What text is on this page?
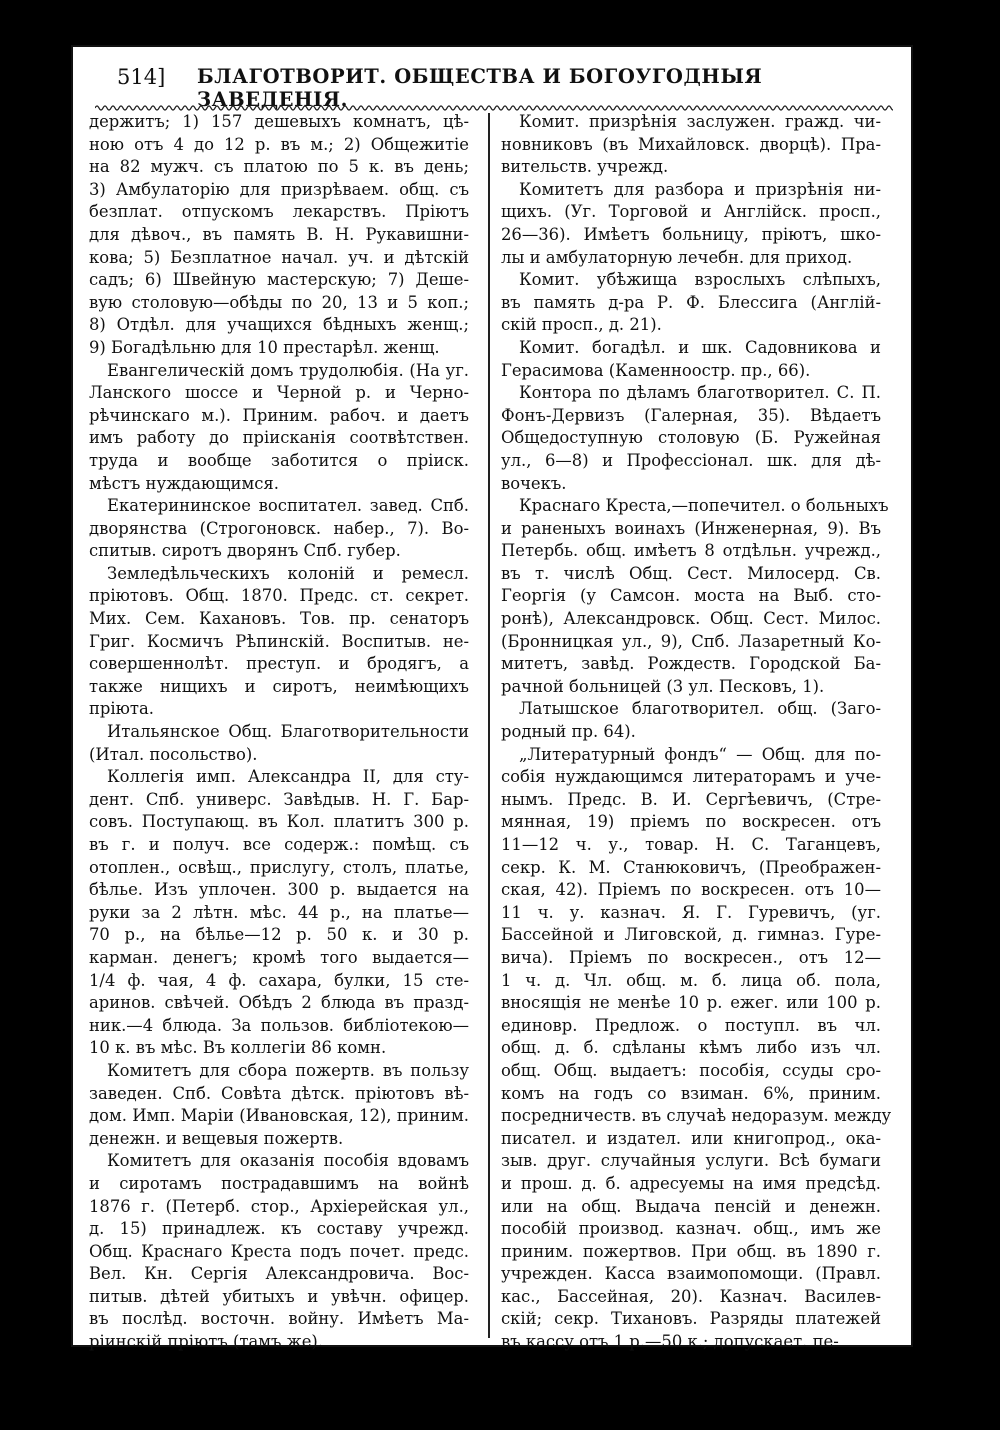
514] БЛАГОТВОРИТ. ОБЩЕСТВА И БОГОУГОДНЫЯ ЗАВЕДЕНІЯ.
держитъ; 1) 157 дешевыхъ комнатъ, цѣ-
ною отъ 4 до 12 р. въ м.; 2) Общежитіе
на 82 мужч. съ платою по 5 к. въ день;
3) Амбулаторію для призрѣваем. общ. съ
безплат. отпускомъ лекарствъ. Пріютъ
для дѣвоч., въ память В. Н. Рукавишни-
кова; 5) Безплатное начал. уч. и дѣтскій
садъ; 6) Швейную мастерскую; 7) Деше-
вую столовую—обѣды по 20, 13 и 5 коп.;
8) Отдѣл. для учащихся бѣдныхъ женщ.;
9) Богадѣльню для 10 престарѣл. женщ.
Евангелическій домъ трудолюбія. (На уг.
Ланского шоссе и Черной р. и Черно-
рѣчинскаго м.). Приним. рабоч. и даетъ
имъ работу до пріисканія соотвѣтствен.
труда и вообще заботится о пріиск.
мѣстъ нуждающимся.
Екатерининское воспитател. завед. Спб.
дворянства (Строгоновск. набер., 7). Во-
спитыв. сиротъ дворянъ Спб. губер.
Земледѣльческихъ колоній и ремесл.
пріютовъ. Общ. 1870. Предс. ст. секрет.
Мих. Сем. Кахановъ. Тов. пр. сенаторъ
Григ. Космичъ Рѣпинскій. Воспитыв. не-
совершеннолѣт. преступ. и бродягъ, а
также нищихъ и сиротъ, неимѣющихъ
пріюта.
Итальянское Общ. Благотворительности
(Итал. посольство).
Коллегія имп. Александра II, для сту-
дент. Спб. универс. Завѣдыв. Н. Г. Бар-
совъ. Поступающ. въ Кол. платитъ 300 р.
въ г. и получ. все содерж.: помѣщ. съ
отоплен., освѣщ., прислугу, столъ, платье,
бѣлье. Изъ уплочен. 300 р. выдается на
руки за 2 лѣтн. мѣс. 44 р., на платье—
70 р., на бѣлье—12 р. 50 к. и 30 р.
карман. денегъ; кромѣ того выдается—
1/4 ф. чая, 4 ф. сахара, булки, 15 сте-
аринов. свѣчей. Обѣдъ 2 блюда въ празд-
ник.—4 блюда. За пользов. библіотекою—
10 к. въ мѣс. Въ коллегіи 86 комн.
Комитетъ для сбора пожертв. въ пользу
заведен. Спб. Совѣта дѣтск. пріютовъ вѣ-
дом. Имп. Маріи (Ивановская, 12), приним.
денежн. и вещевыя пожертв.
Комитетъ для оказанія пособія вдовамъ
и сиротамъ пострадавшимъ на войнѣ
1876 г. (Петерб. стор., Архіерейская ул.,
д. 15) принадлеж. къ составу учрежд.
Общ. Краснаго Креста подъ почет. предс.
Вел. Кн. Сергія Александровича. Вос-
питыв. дѣтей убитыхъ и увѣчн. офицер.
въ послѣд. восточн. войну. Имѣетъ Ма-
ріинскій пріютъ (тамъ же).
Комит. призрѣнія заслужен. гражд. чи-
новниковъ (въ Михайловск. дворцѣ). Пра-
вительств. учрежд.
Комитетъ для разбора и призрѣнія ни-
щихъ. (Уг. Торговой и Англійск. просп.,
26—36). Имѣетъ больницу, пріютъ, шко-
лы и амбулаторную лечебн. для приход.
Комит. убѣжища взрослыхъ слѣпыхъ,
въ память д-ра Р. Ф. Блессига (Англій-
скій просп., д. 21).
Комит. богадѣл. и шк. Садовникова и
Герасимова (Каменноостр. пр., 66).
Контора по дѣламъ благотворител. С. П.
Фонъ-Дервизъ (Галерная, 35). Вѣдаетъ
Общедоступную столовую (Б. Ружейная
ул., 6—8) и Профессіонал. шк. для дѣ-
вочекъ.
Краснаго Креста,—попечител. о больныхъ
и раненыхъ воинахъ (Инженерная, 9). Въ
Петербь. общ. имѣетъ 8 отдѣльн. учрежд.,
въ т. числѣ Общ. Сест. Милосерд. Св.
Георгія (у Самсон. моста на Выб. сто-
ронѣ), Александровск. Общ. Сест. Милос.
(Бронницкая ул., 9), Спб. Лазаретный Ко-
митетъ, завѣд. Рождеств. Городской Ба-
рачной больницей (3 ул. Песковъ, 1).
Латышское благотворител. общ. (Заго-
родный пр. 64).
„Литературный фондъ“ — Общ. для по-
собія нуждающимся литераторамъ и уче-
нымъ. Предс. В. И. Сергѣевичъ, (Стре-
мянная, 19) пріемъ по воскресен. отъ
11—12 ч. у., товар. Н. С. Таганцевъ,
секр. К. М. Станюковичъ, (Преображен-
ская, 42). Пріемъ по воскресен. отъ 10—
11 ч. у. казнач. Я. Г. Гуревичъ, (уг.
Бассейной и Лиговской, д. гимназ. Гуре-
вича). Пріемъ по воскресен., отъ 12—
1 ч. д. Чл. общ. м. б. лица об. пола,
вносящія не менѣе 10 р. ежег. или 100 р.
единовр. Предлож. о поступл. въ чл.
общ. д. б. сдѣланы кѣмъ либо изъ чл.
общ. Общ. выдаетъ: пособія, ссуды сро-
комъ на годъ со взиман. 6%, приним.
посредничеств. въ случаѣ недоразум. между
писател. и издател. или книгопрод., ока-
зыв. друг. случайныя услуги. Всѣ бумаги
и прош. д. б. адресуемы на имя предсѣд.
или на общ. Выдача пенсій и денежн.
пособій производ. казнач. общ., имъ же
приним. пожертвов. При общ. въ 1890 г.
учрежден. Касса взаимопомощи. (Правл.
кас., Бассейная, 20). Казнач. Василев-
скій; секр. Тихановъ. Разряды платежей
въ кассу отъ 1 р.—50 к.; допускает. пе-
